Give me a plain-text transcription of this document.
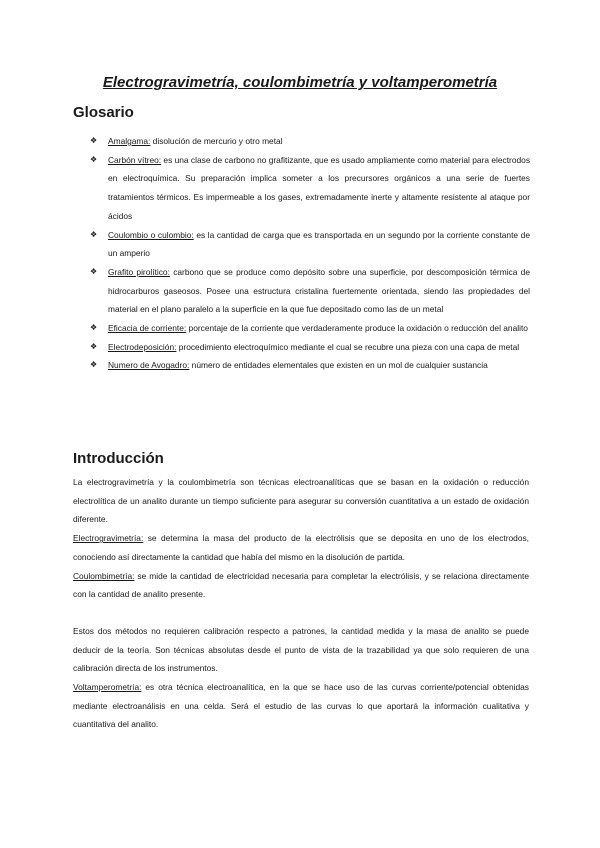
Electrogravimetría, coulombimetría y voltamperometría
Glosario
❖ Amalgama: disolución de mercurio y otro metal
❖ Carbón vítreo: es una clase de carbono no grafitizante, que es usado ampliamente como material para electrodos en electroquímica. Su preparación implica someter a los precursores orgánicos a una serie de fuertes tratamientos térmicos. Es impermeable a los gases, extremadamente inerte y altamente resistente al ataque por ácidos
❖ Coulombio o culombio: es la cantidad de carga que es transportada en un segundo por la corriente constante de un amperio
❖ Grafito pirolítico: carbono que se produce como depósito sobre una superficie, por descomposición térmica de hidrocarburos gaseosos. Posee una estructura cristalina fuertemente orientada, siendo las propiedades del material en el plano paralelo a la superficie en la que fue depositado como las de un metal
❖ Eficacia de corriente: porcentaje de la corriente que verdaderamente produce la oxidación o reducción del analito
❖ Electrodeposición: procedimiento electroquímico mediante el cual se recubre una pieza con una capa de metal
❖ Numero de Avogadro: número de entidades elementales que existen en un mol de cualquier sustancia
Introducción

La electrogravimetría y la coulombimetría son técnicas electroanalíticas que se basan en la oxidación o reducción electrolítica de un analito durante un tiempo suficiente para asegurar su conversión cuantitativa a un estado de oxidación diferente.

Electrogravimetría: se determina la masa del producto de la electrólisis que se deposita en uno de los electrodos, conociendo así directamente la cantidad que había del mismo en la disolución de partida.

Coulombimetría: se mide la cantidad de electricidad necesaria para completar la electrólisis, y se relaciona directamente con la cantidad de analito presente.

Estos dos métodos no requieren calibración respecto a patrones, la cantidad medida y la masa de analito se puede deducir de la teoría. Son técnicas absolutas desde el punto de vista de la trazabilidad ya que solo requieren de una calibración directa de los instrumentos.

Voltamperometría: es otra técnica electroanalítica, en la que se hace uso de las curvas corriente/potencial obtenidas mediante electroanálisis en una celda. Será el estudio de las curvas lo que aportará la información cualitativa y cuantitativa del analito.
